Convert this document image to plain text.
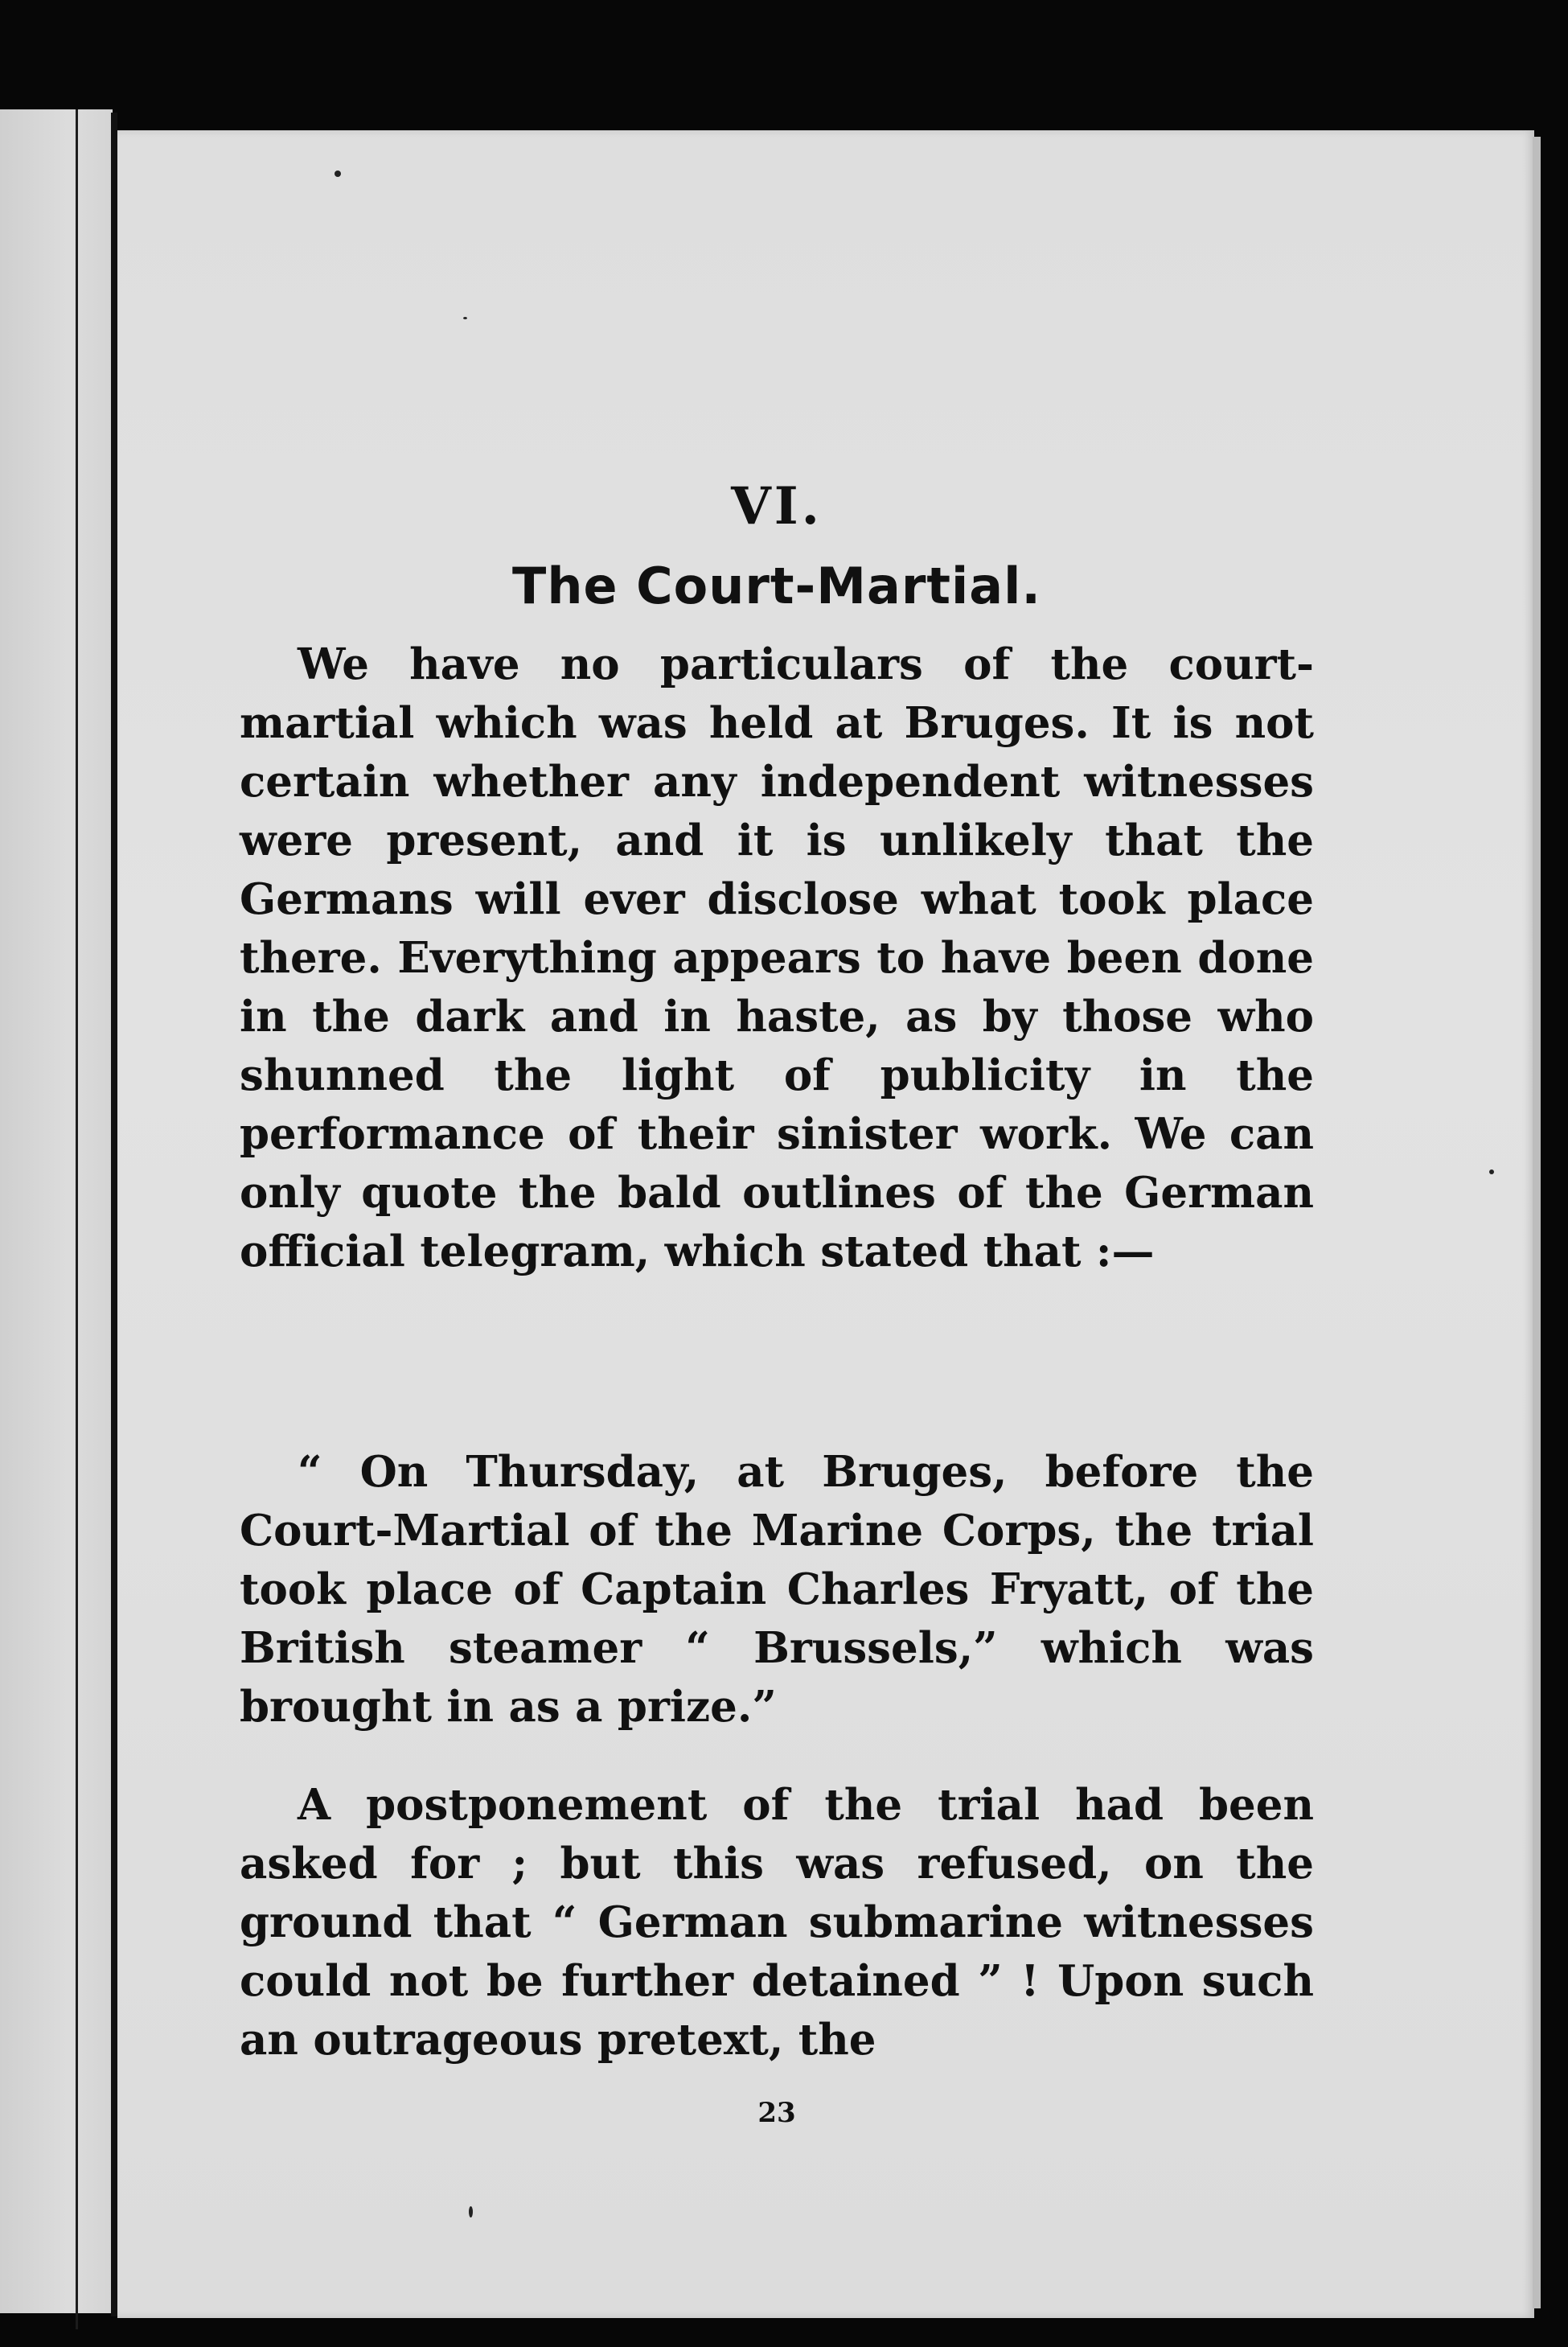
VI.
The Court-Martial.
We have no particulars of the court-martial which was held at Bruges. It is not certain whether any independent witnesses were present, and it is unlikely that the Germans will ever disclose what took place there. Everything appears to have been done in the dark and in haste, as by those who shunned the light of publicity in the performance of their sinister work. We can only quote the bald outlines of the German official telegram, which stated that :—
“ On Thursday, at Bruges, before the Court-Martial of the Marine Corps, the trial took place of Captain Charles Fryatt, of the British steamer “ Brussels,” which was brought in as a prize.”
A postponement of the trial had been asked for ; but this was refused, on the ground that “ German submarine witnesses could not be further detained ” ! Upon such an outrageous pretext, the
23
